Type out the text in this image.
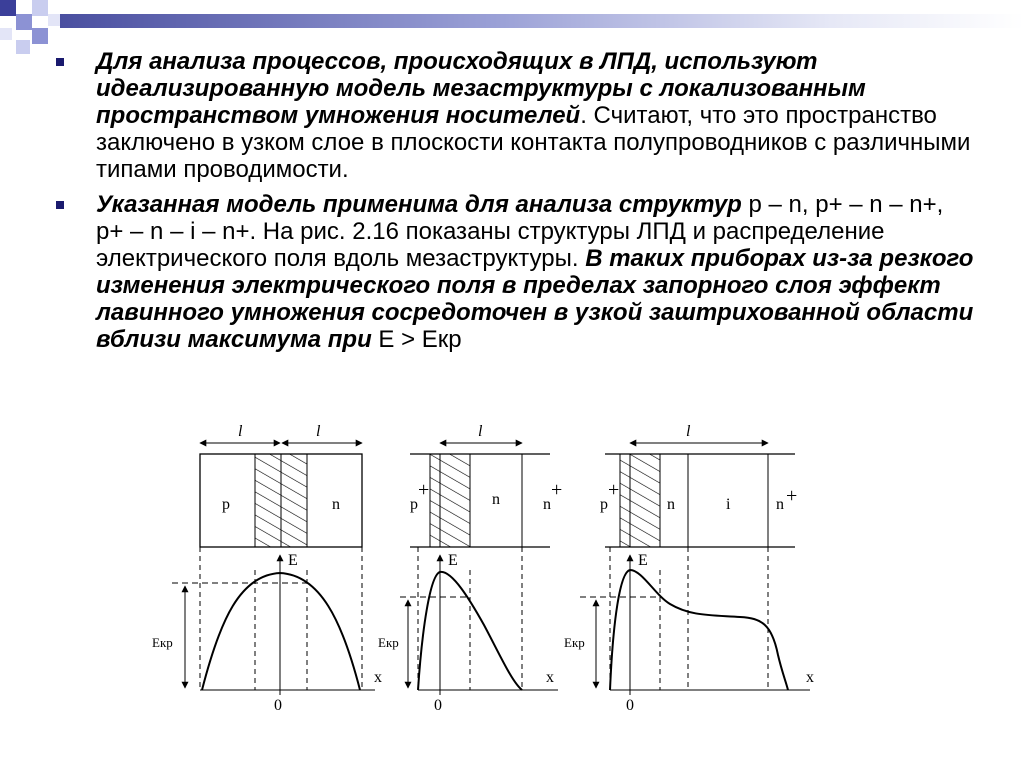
Для анализа процессов, происходящих в ЛПД, используют идеализированную модель мезаструктуры с локализованным пространством умножения носителей. Считают, что это пространство заключено в узком слое в плоскости контакта полупроводников с различными типами проводимости.
Указанная модель применима для анализа структур p – n, p+ – n – n+, p+ – n – i – n+. На рис. 2.16 показаны структуры ЛПД и распределение электрического поля вдоль мезаструктуры. В таких приборах из-за резкого изменения электрического поля в пределах запорного слоя эффект лавинного умножения сосредоточен в узкой заштрихованной области вблизи максимума при E > Eкр
l	l
p	n
E
x
0
Eкр
l
p
+	n	n
+
E
x
0
Eкр
l
p
+
n	i	n +
E
x
0
Eкр
